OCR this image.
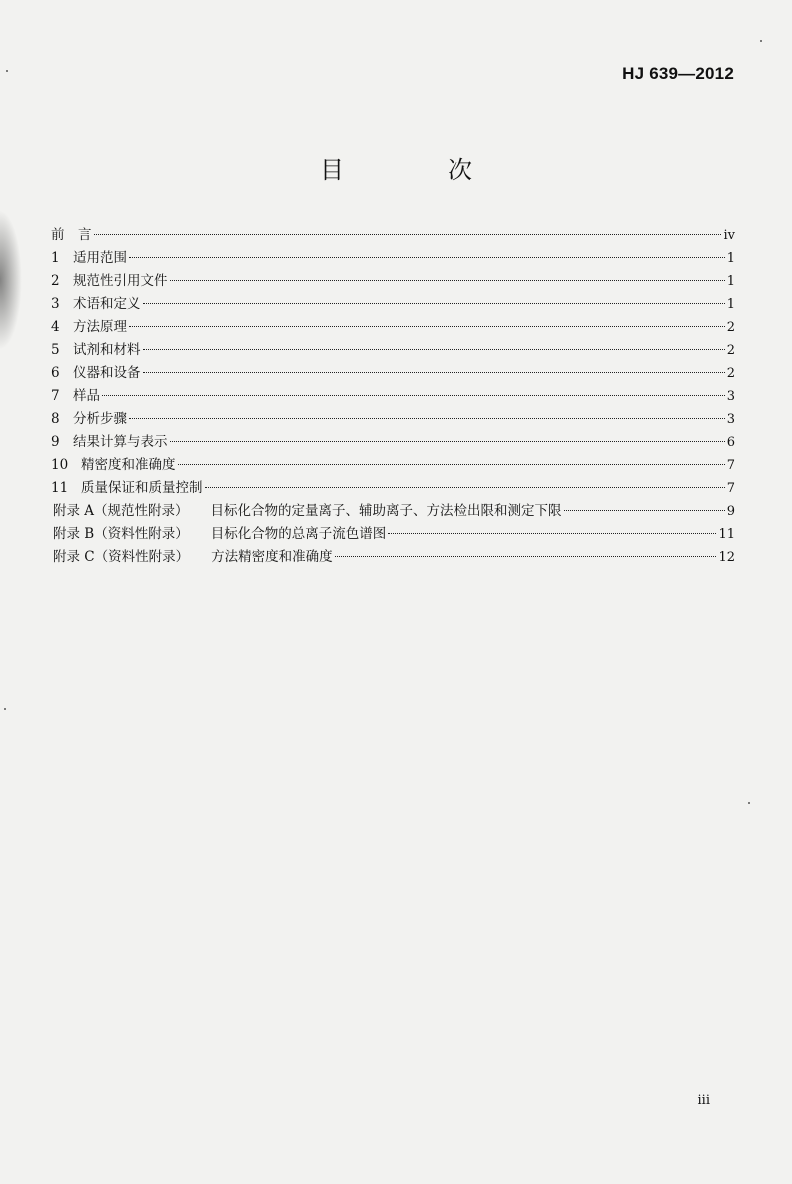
HJ 639—2012
目　次
前　言	iv
1 适用范围	1
2 规范性引用文件	1
3 术语和定义	1
4 方法原理	2
5 试剂和材料	2
6 仪器和设备	2
7 样品	3
8 分析步骤	3
9 结果计算与表示	6
10 精密度和准确度	7
11 质量保证和质量控制	7
附录 A（规范性附录） 目标化合物的定量离子、辅助离子、方法检出限和测定下限	9
附录 B（资料性附录） 目标化合物的总离子流色谱图	11
附录 C（资料性附录） 方法精密度和准确度	12
iii
